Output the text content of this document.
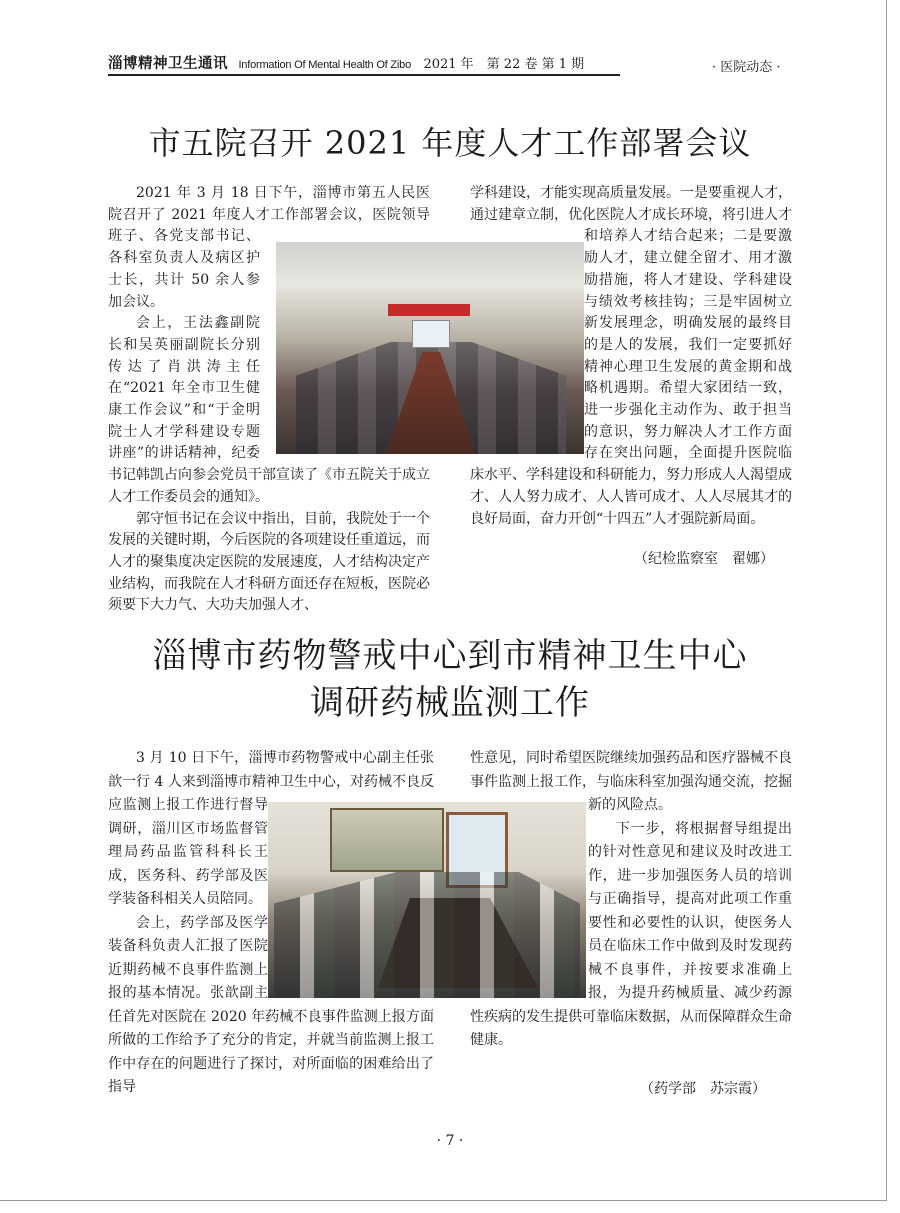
淄博精神卫生通讯 Information Of Mental Health Of Zibo 2021 年　第 22 卷 第 1 期	· 医院动态 ·
市五院召开 2021 年度人才工作部署会议

2021 年 3 月 18 日下午，淄博市第五人民医院召开了 2021 年度人才工作部署会议，医院领导班子、各党支部书记、各科室负责人及病区护士长，共计 50 余人参加会议。

会上，王法鑫副院长和吴英丽副院长分别传达了肖洪涛主任在“2021 年全市卫生健康工作会议”和“于金明院士人才学科建设专题讲座”的讲话精神，纪委书记韩凯占向参会党员干部宣读了《市五院关于成立人才工作委员会的通知》。

郭守恒书记在会议中指出，目前，我院处于一个发展的关键时期，今后医院的各项建设任重道远，而人才的聚集度决定医院的发展速度，人才结构决定产业结构，而我院在人才科研方面还存在短板，医院必须要下大力气、大功夫加强人才、

学科建设，才能实现高质量发展。一是要重视人才，通过建章立制，优化医院人才成长环境，将引进人才和培养人才结合起来；二是要激励人才，建立健全留才、用才激励措施，将人才建设、学科建设与绩效考核挂钩；三是牢固树立新发展理念，明确发展的最终目的是人的发展，我们一定要抓好精神心理卫生发展的黄金期和战略机遇期。希望大家团结一致，进一步强化主动作为、敢于担当的意识，努力解决人才工作方面存在突出问题，全面提升医院临床水平、学科建设和科研能力，努力形成人人渴望成才、人人努力成才、人人皆可成才、人人尽展其才的良好局面，奋力开创“十四五”人才强院新局面。

（纪检监察室　翟娜）
淄博市药物警戒中心到市精神卫生中心
调研药械监测工作

3 月 10 日下午，淄博市药物警戒中心副主任张歆一行 4 人来到淄博市精神卫生中心，对药械不良反应监测上报工作进行督导调研，淄川区市场监督管理局药品监管科科长王成，医务科、药学部及医学装备科相关人员陪同。

会上，药学部及医学装备科负责人汇报了医院近期药械不良事件监测上报的基本情况。张歆副主任首先对医院在 2020 年药械不良事件监测上报方面所做的工作给予了充分的肯定，并就当前监测上报工作中存在的问题进行了探讨，对所面临的困难给出了指导

性意见，同时希望医院继续加强药品和医疗器械不良事件监测上报工作，与临床科室加强沟通交流，挖掘新的风险点。

下一步，将根据督导组提出的针对性意见和建议及时改进工作，进一步加强医务人员的培训与正确指导，提高对此项工作重要性和必要性的认识，使医务人员在临床工作中做到及时发现药械不良事件，并按要求准确上报，为提升药械质量、减少药源性疾病的发生提供可靠临床数据，从而保障群众生命健康。

（药学部　苏宗霞）
· 7 ·
